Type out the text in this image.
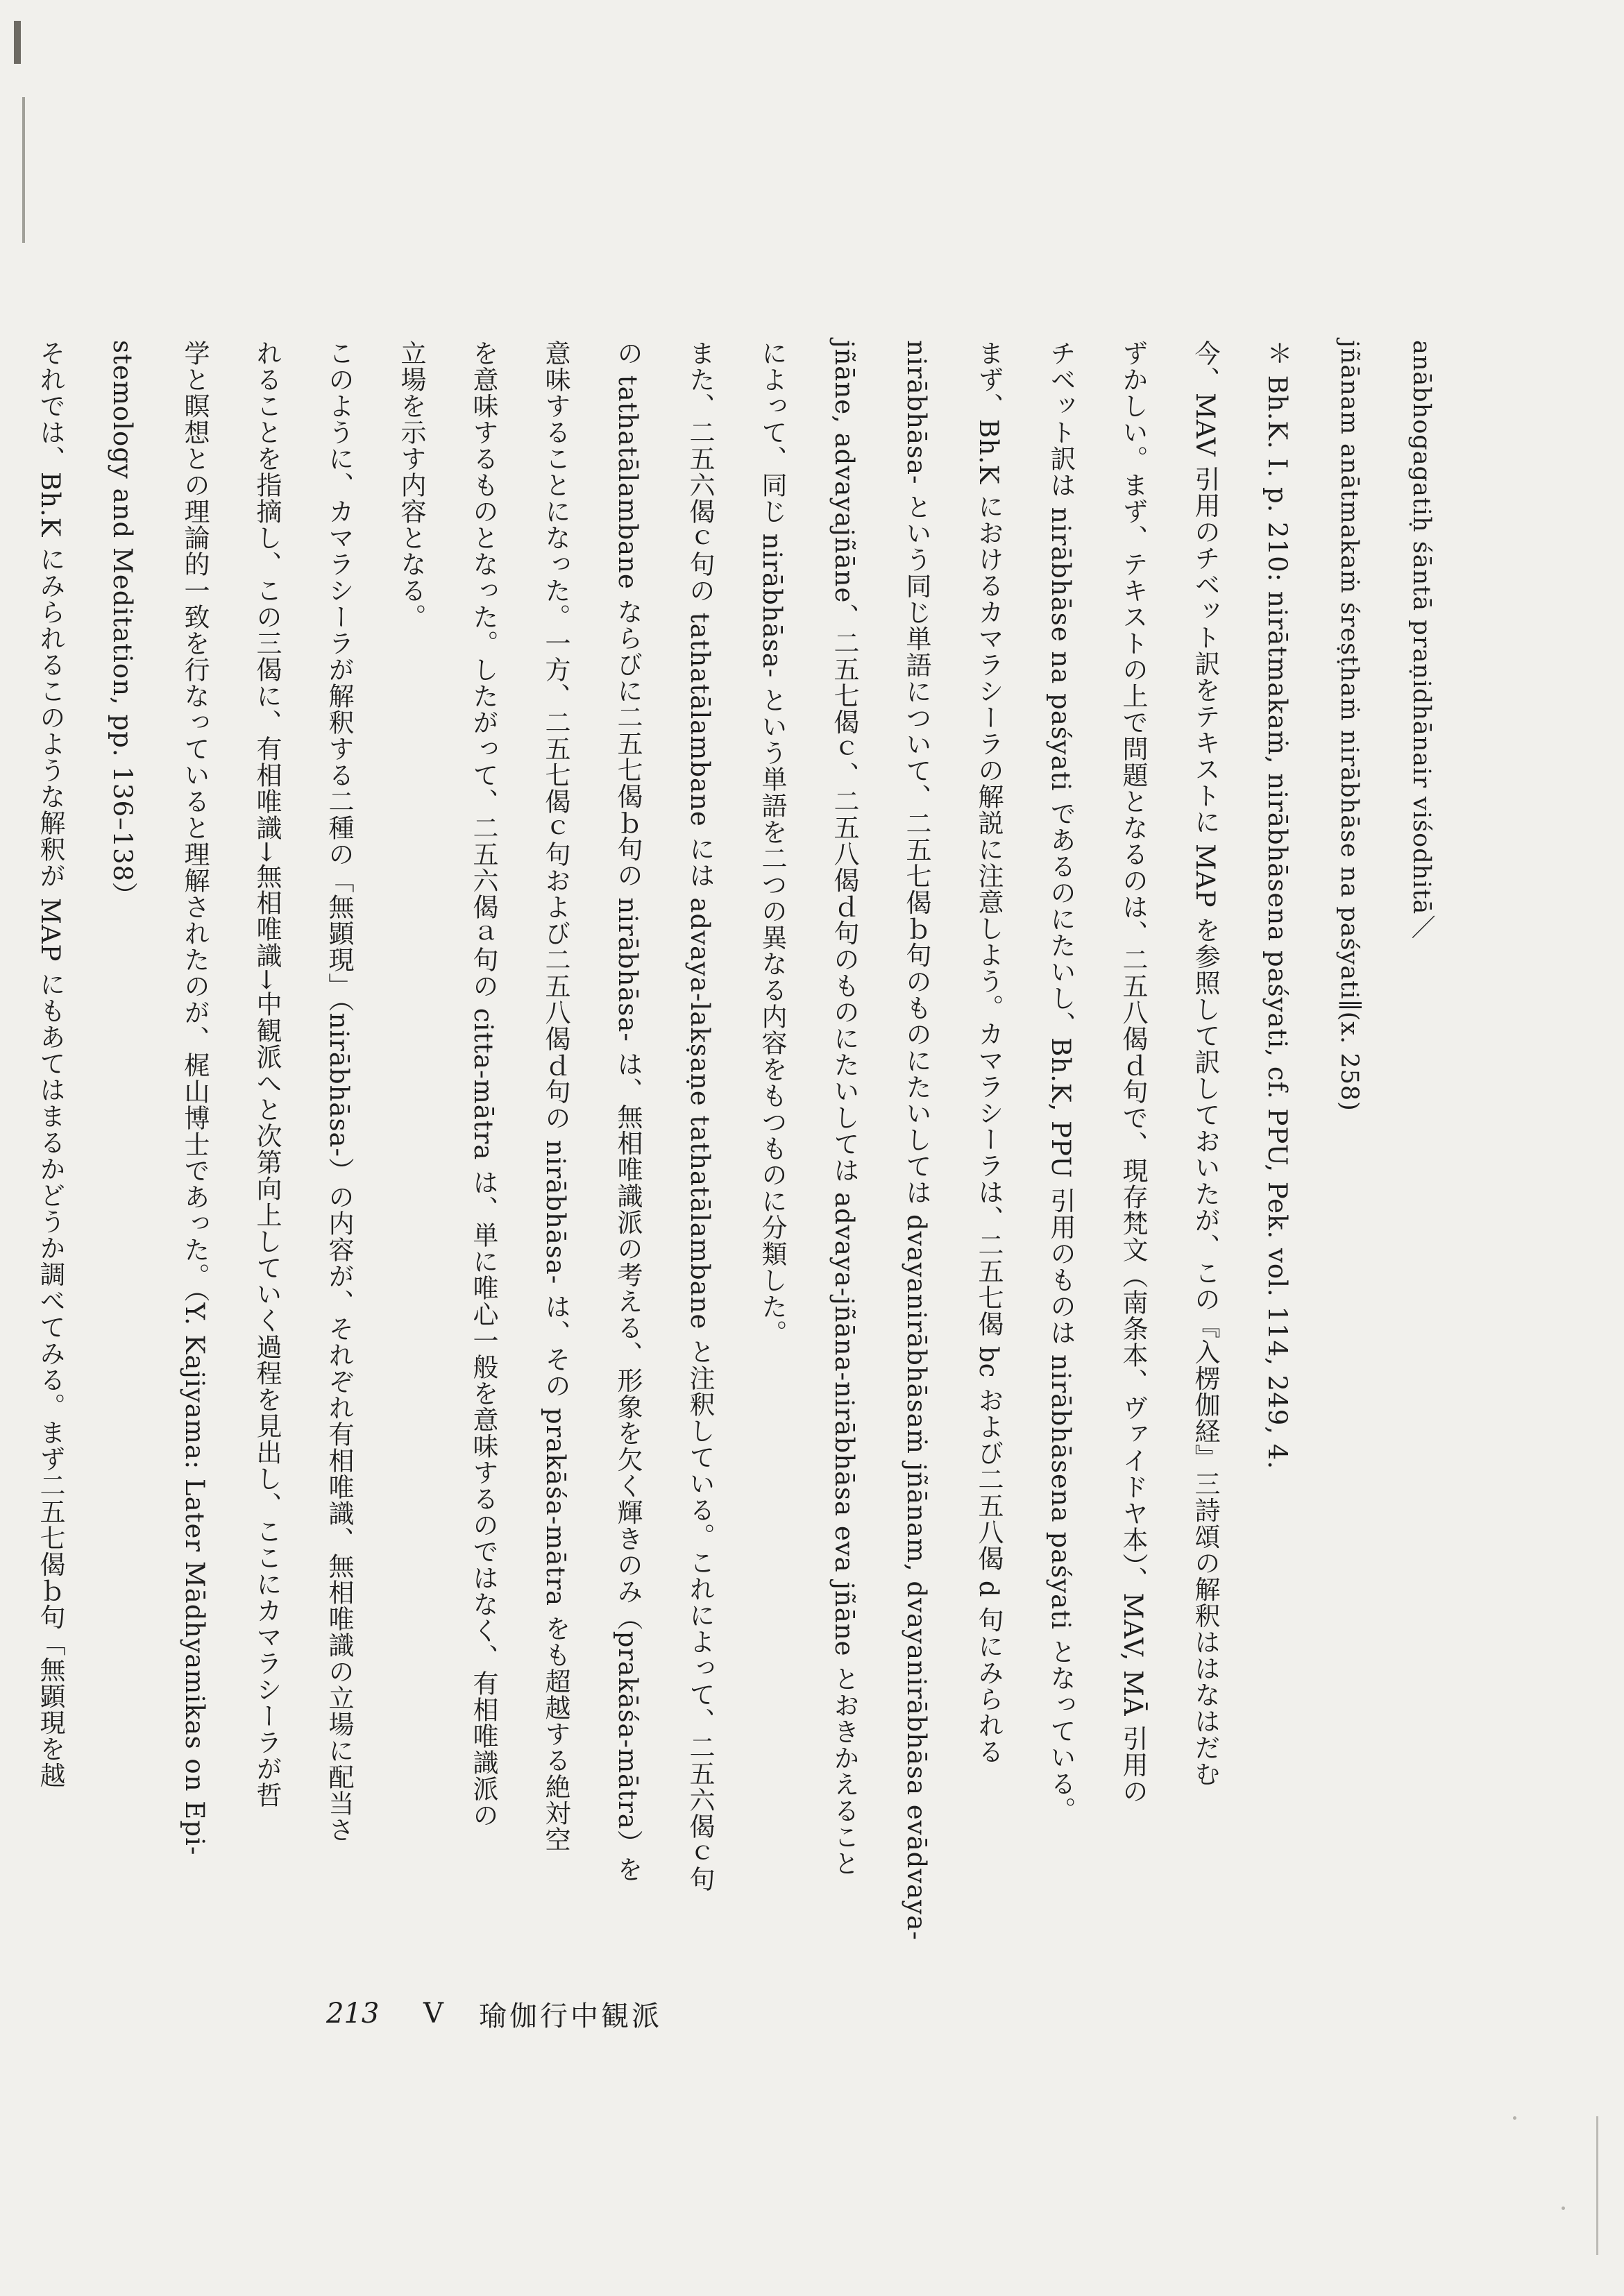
anābhogagatiḥ śāntā praṇidhānair viśodhitā／
jñānam anātmakaṁ śreṣṭhaṁ nirābhāse na paśyati∥(x. 258)
＊ Bh.K. I. p. 210: nirātmakaṁ, nirābhāsena paśyati, cf. PPU, Pek. vol. 114, 249, 4.
今、MAV 引用のチベット訳をテキストに MAP を参照して訳しておいたが、この『入楞伽経』三詩頌の解釈ははなはだむ
ずかしい。まず、テキストの上で問題となるのは、二五八偈ｄ句で、現存梵文（南条本、ヴァイドヤ本）、MAV, MĀ 引用の
チベット訳は nirābhāse na paśyati であるのにたいし、Bh.K, PPU 引用のものは nirābhāsena paśyati となっている。
まず、Bh.K におけるカマラシーラの解説に注意しよう。カマラシーラは、二五七偈 bc および二五八偈 d 句にみられる
nirābhāsa- という同じ単語について、二五七偈ｂ句のものにたいしては dvayanirābhāsaṁ jñānam, dvayanirābhāsa evādvaya-
jñāne, advayajñāne、二五七偈ｃ、二五八偈ｄ句のものにたいしては advaya-jñāna-nirābhāsa eva jñāne とおきかえること
によって、同じ nirābhāsa- という単語を二つの異なる内容をもつものに分類した。
また、二五六偈ｃ句の tathatālambane には advaya-lakṣaṇe tathatālambane と注釈している。これによって、二五六偈ｃ句
の tathatālambane ならびに二五七偈ｂ句の nirābhāsa- は、無相唯識派の考える、形象を欠く輝きのみ（prakāśa-mātra）を
意味することになった。一方、二五七偈ｃ句および二五八偈ｄ句の nirābhāsa- は、その prakāśa-mātra をも超越する絶対空
を意味するものとなった。したがって、二五六偈ａ句の citta-mātra は、単に唯心一般を意味するのではなく、有相唯識派の
立場を示す内容となる。
このように、カマラシーラが解釈する二種の「無顕現」（nirābhāsa-）の内容が、それぞれ有相唯識、無相唯識の立場に配当さ
れることを指摘し、この三偈に、有相唯識→無相唯識→中観派へと次第向上していく過程を見出し、ここにカマラシーラが哲
学と瞑想との理論的一致を行なっていると理解されたのが、梶山博士であった。（Y. Kajiyama: Later Mādhyamikas on Epi-
stemology and Meditation, pp. 136–138）
それでは、Bh.K にみられるこのような解釈が MAP にもあてはまるかどうか調べてみる。まず二五七偈ｂ句「無顕現を越
213	V	瑜伽行中観派
